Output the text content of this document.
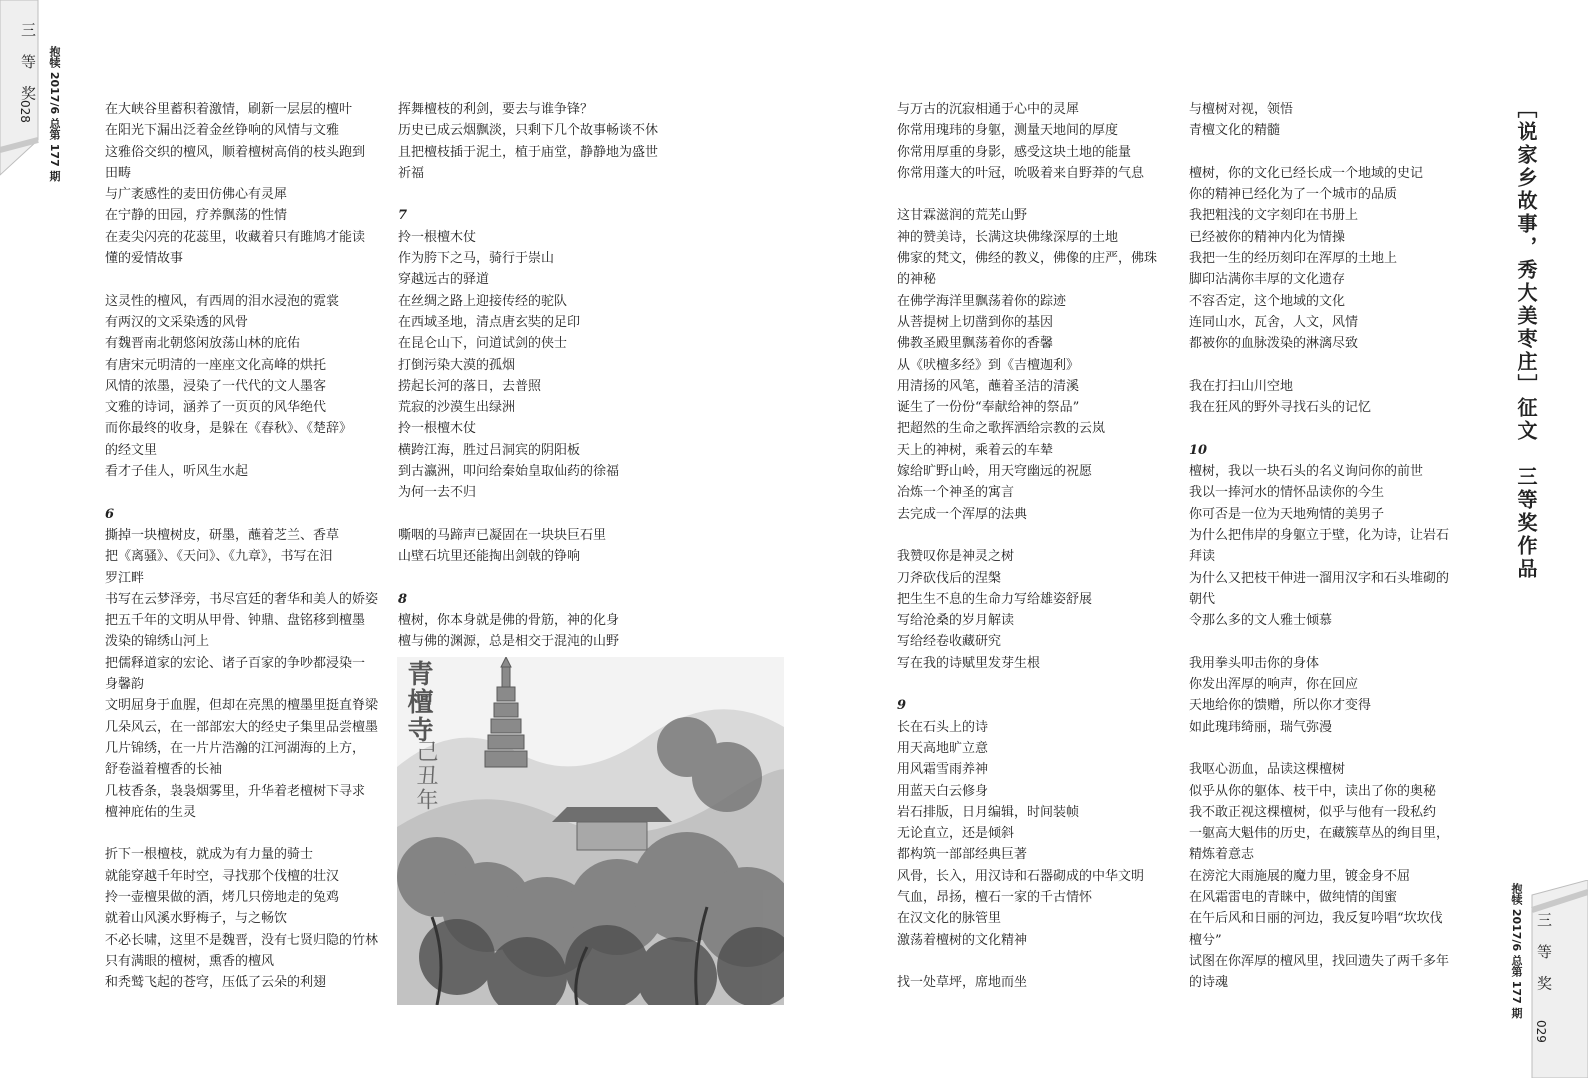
三 等 奖
028 抱犊 2017/6 总第 177 期	［说家乡故事，秀大美枣庄］征文　三等奖作品
抱犊 2017/6 总第 177 期 三 等 奖
029
在大峡谷里蓄积着激情，刷新一层层的檀叶
在阳光下漏出泛着金丝铮响的风情与文雅
这雅俗交织的檀风，顺着檀树高俏的枝头跑到
田畴
与广袤感性的麦田仿佛心有灵犀
在宁静的田园，疗养飘荡的性情
在麦尖闪亮的花蕊里，收藏着只有雎鸠才能读
懂的爱情故事
这灵性的檀风，有西周的泪水浸泡的霓裳
有两汉的文采染透的风骨
有魏晋南北朝悠闲放荡山林的庇佑
有唐宋元明清的一座座文化高峰的烘托
风情的浓墨，浸染了一代代的文人墨客
文雅的诗词，涵养了一页页的风华绝代
而你最终的收身，是躲在《春秋》、《楚辞》
的经文里
看才子佳人，听风生水起
6
撕掉一块檀树皮，研墨，蘸着芝兰、香草
把《离骚》、《天问》、《九章》，书写在汨
罗江畔
书写在云梦泽旁，书尽宫廷的奢华和美人的娇姿
把五千年的文明从甲骨、钟鼎、盘铭移到檀墨
泼染的锦绣山河上
把儒释道家的宏论、诸子百家的争吵都浸染一
身馨韵
文明屈身于血腥，但却在亮黑的檀墨里挺直脊梁
几朵风云，在一部部宏大的经史子集里品尝檀墨
几片锦绣，在一片片浩瀚的江河湖海的上方，
舒卷溢着檀香的长袖
几枝香条，袅袅烟雾里，升华着老檀树下寻求
檀神庇佑的生灵
折下一根檀枝，就成为有力量的骑士
就能穿越千年时空，寻找那个伐檀的壮汉
拎一壶檀果做的酒，烤几只傍地走的兔鸡
就着山风溪水野梅子，与之畅饮
不必长啸，这里不是魏晋，没有七贤归隐的竹林
只有满眼的檀树，熏香的檀风
和秃鹫飞起的苍穹，压低了云朵的利翅
挥舞檀枝的利剑，要去与谁争锋？
历史已成云烟飘淡，只剩下几个故事畅谈不休
且把檀枝插于泥土，植于庙堂，静静地为盛世
祈福
7
拎一根檀木仗
作为胯下之马，骑行于崇山
穿越远古的驿道
在丝绸之路上迎接传经的驼队
在西域圣地，清点唐玄奘的足印
在昆仑山下，问道试剑的侠士
打倒污染大漠的孤烟
捞起长河的落日，去普照
荒寂的沙漠生出绿洲
拎一根檀木仗
横跨江海，胜过吕洞宾的阴阳板
到古瀛洲，叩问给秦始皇取仙药的徐福
为何一去不归
嘶咽的马蹄声已凝固在一块块巨石里
山壁石坑里还能掏出剑戟的铮响
8
檀树，你本身就是佛的骨筋，神的化身
檀与佛的渊源，总是相交于混沌的山野
与万古的沉寂相通于心中的灵犀
你常用瑰玮的身躯，测量天地间的厚度
你常用厚重的身影，感受这块土地的能量
你常用蓬大的叶冠，吮吸着来自野莽的气息
这甘霖滋润的荒芜山野
神的赞美诗，长满这块佛缘深厚的土地
佛家的梵文，佛经的教义，佛像的庄严，佛珠
的神秘
在佛学海洋里飘荡着你的踪迹
从菩提树上切凿到你的基因
佛教圣殿里飘荡着你的香馨
从《吠檀多经》到《吉檀迦利》
用清扬的风笔，蘸着圣洁的清溪
诞生了一份份“奉献给神的祭品”
把超然的生命之歌挥洒给宗教的云岚
天上的神树，乘着云的车辇
嫁给旷野山岭，用天穹幽远的祝愿
冶炼一个神圣的寓言
去完成一个浑厚的法典
我赞叹你是神灵之树
刀斧砍伐后的涅槃
把生生不息的生命力写给雄姿舒展
写给沧桑的岁月解读
写给经卷收藏研究
写在我的诗赋里发芽生根
9
长在石头上的诗
用天高地旷立意
用风霜雪雨养神
用蓝天白云修身
岩石排版，日月编辑，时间装帧
无论直立，还是倾斜
都构筑一部部经典巨著
风骨，长入，用汉诗和石器砌成的中华文明
气血，昂扬，檀石一家的千古情怀
在汉文化的脉管里
激荡着檀树的文化精神
找一处草坪，席地而坐
与檀树对视，领悟
青檀文化的精髓
檀树，你的文化已经长成一个地域的史记
你的精神已经化为了一个城市的品质
我把粗浅的文字刻印在书册上
已经被你的精神内化为情操
我把一生的经历刻印在浑厚的土地上
脚印沾满你丰厚的文化遗存
不容否定，这个地域的文化
连同山水，瓦舍，人文，风情
都被你的血脉泼染的淋漓尽致
我在打扫山川空地
我在狂风的野外寻找石头的记忆
10
檀树，我以一块石头的名义询问你的前世
我以一捧河水的情怀品读你的今生
你可否是一位为天地殉情的美男子
为什么把伟岸的身躯立于壁，化为诗，让岩石
拜读
为什么又把枝干伸进一溜用汉字和石头堆砌的
朝代
令那么多的文人雅士倾慕
我用拳头叩击你的身体
你发出浑厚的响声，你在回应
天地给你的馈赠，所以你才变得
如此瑰玮绮丽，瑞气弥漫
我呕心沥血，品读这棵檀树
似乎从你的躯体、枝干中，读出了你的奥秘
我不敢正视这棵檀树，似乎与他有一段私约
一躯高大魁伟的历史，在藏簇草丛的绚目里，
精炼着意志
在滂沱大雨施展的魔力里，镀金身不屈
在风霜雷电的青睐中，做纯情的闺蜜
在午后风和日丽的河边，我反复吟唱“坎坎伐
檀兮”
试图在你浑厚的檀风里，找回遗失了两千多年
的诗魂
青檀寺
己丑年
